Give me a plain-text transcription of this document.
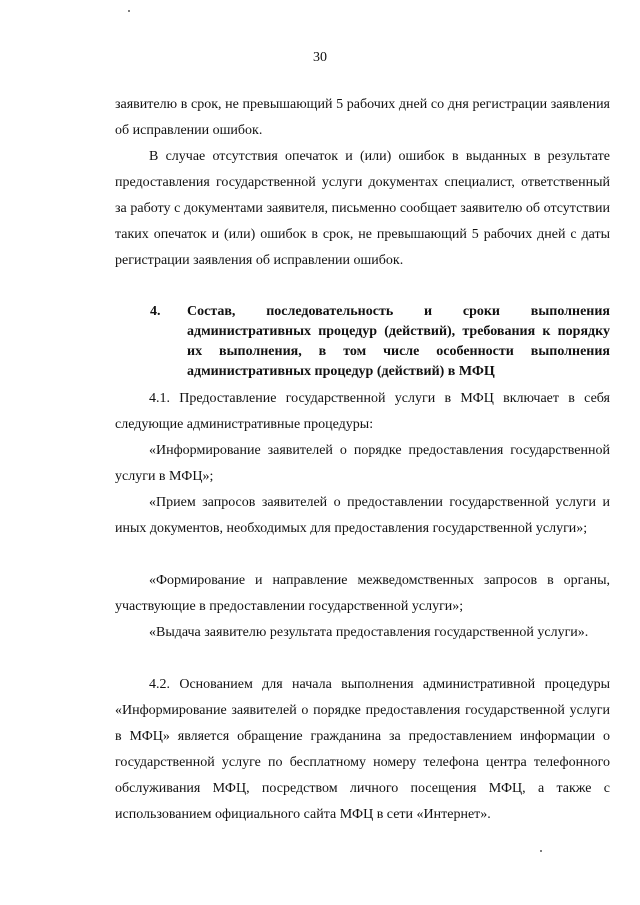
30

заявителю в срок, не превышающий 5 рабочих дней со дня регистрации заявления об исправлении ошибок.

В случае отсутствия опечаток и (или) ошибок в выданных в результате предоставления государственной услуги документах специалист, ответственный за работу с документами заявителя, письменно сообщает заявителю об отсутствии таких опечаток и (или) ошибок в срок, не превышающий 5 рабочих дней с даты регистрации заявления об исправлении ошибок.

4. Состав, последовательность и сроки выполнения административных процедур (действий), требования к порядку их выполнения, в том числе особенности выполнения административных процедур (действий) в МФЦ

4.1. Предоставление государственной услуги в МФЦ включает в себя следующие административные процедуры:

«Информирование заявителей о порядке предоставления государственной услуги в МФЦ»;

«Прием запросов заявителей о предоставлении государственной услуги и иных документов, необходимых для предоставления государственной услуги»;

«Формирование и направление межведомственных запросов в органы, участвующие в предоставлении государственной услуги»;

«Выдача заявителю результата предоставления государственной услуги».

4.2. Основанием для начала выполнения административной процедуры «Информирование заявителей о порядке предоставления государственной услуги в МФЦ» является обращение гражданина за предоставлением информации о государственной услуге по бесплатному номеру телефона центра телефонного обслуживания МФЦ, посредством личного посещения МФЦ, а также с использованием официального сайта МФЦ в сети «Интернет».
